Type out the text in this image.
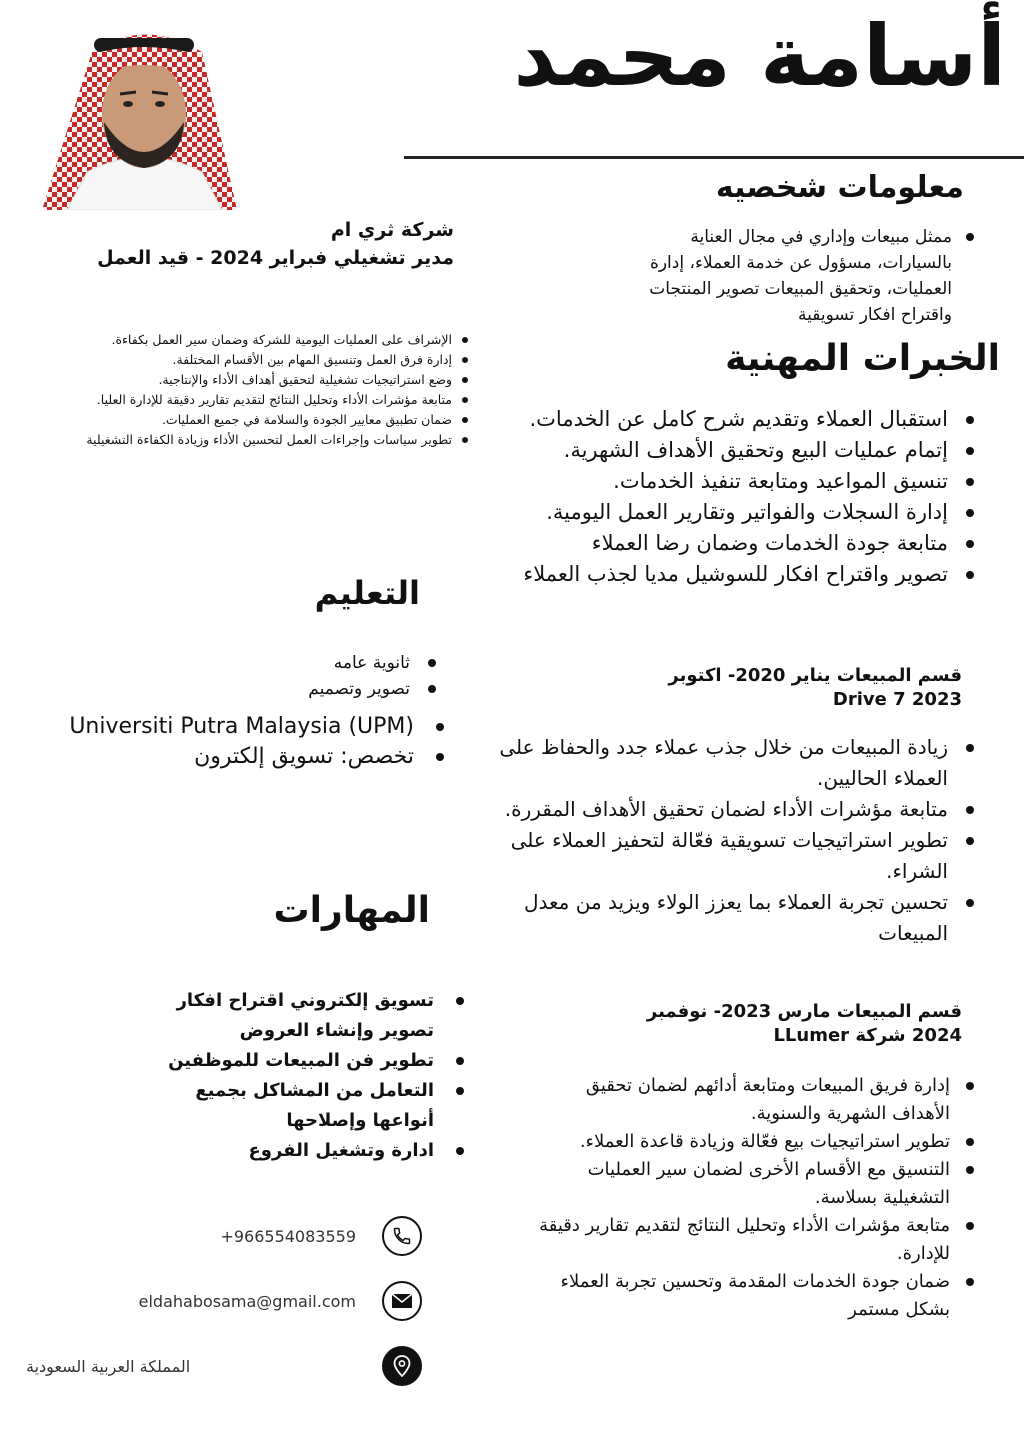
أسامة محمد
معلومات شخصيه
ممثل مبيعات وإداري في مجال العناية بالسيارات، مسؤول عن خدمة العملاء، إدارة العمليات، وتحقيق المبيعات تصوير المنتجات واقتراح افكار تسويقية
الخبرات المهنية
استقبال العملاء وتقديم شرح كامل عن الخدمات.
إتمام عمليات البيع وتحقيق الأهداف الشهرية.
تنسيق المواعيد ومتابعة تنفيذ الخدمات.
إدارة السجلات والفواتير وتقارير العمل اليومية.
متابعة جودة الخدمات وضمان رضا العملاء
تصوير واقتراح افكار للسوشيل مديا لجذب العملاء
قسم المبيعات يناير 2020- اكتوبر 2023 Drive 7
زيادة المبيعات من خلال جذب عملاء جدد والحفاظ على العملاء الحاليين.
متابعة مؤشرات الأداء لضمان تحقيق الأهداف المقررة.
تطوير استراتيجيات تسويقية فعّالة لتحفيز العملاء على الشراء.
تحسين تجربة العملاء بما يعزز الولاء ويزيد من معدل المبيعات
قسم المبيعات مارس 2023- نوفمبر 2024 شركة LLumer
إدارة فريق المبيعات ومتابعة أدائهم لضمان تحقيق الأهداف الشهرية والسنوية.
تطوير استراتيجيات بيع فعّالة وزيادة قاعدة العملاء.
التنسيق مع الأقسام الأخرى لضمان سير العمليات التشغيلية بسلاسة.
متابعة مؤشرات الأداء وتحليل النتائج لتقديم تقارير دقيقة للإدارة.
ضمان جودة الخدمات المقدمة وتحسين تجربة العملاء بشكل مستمر
شركة ثري ام
مدير تشغيلي فبراير 2024 - قيد العمل
الإشراف على العمليات اليومية للشركة وضمان سير العمل بكفاءة.
إدارة فرق العمل وتنسيق المهام بين الأقسام المختلفة.
وضع استراتيجيات تشغيلية لتحقيق أهداف الأداء والإنتاجية.
متابعة مؤشرات الأداء وتحليل النتائج لتقديم تقارير دقيقة للإدارة العليا.
ضمان تطبيق معايير الجودة والسلامة في جميع العمليات.
تطوير سياسات وإجراءات العمل لتحسين الأداء وزيادة الكفاءة التشغيلية
التعليم
ثانوية عامه
تصوير وتصميم
Universiti Putra Malaysia (UPM)
تخصص: تسويق إلكترون
المهارات
تسويق إلكتروني اقتراح افكار تصوير وإنشاء العروض
تطوير فن المبيعات للموظفين
التعامل من المشاكل بجميع أنواعها وإصلاحها
ادارة وتشغيل الفروع
+966554083559
eldahabosama@gmail.com
المملكة العربية السعودية
